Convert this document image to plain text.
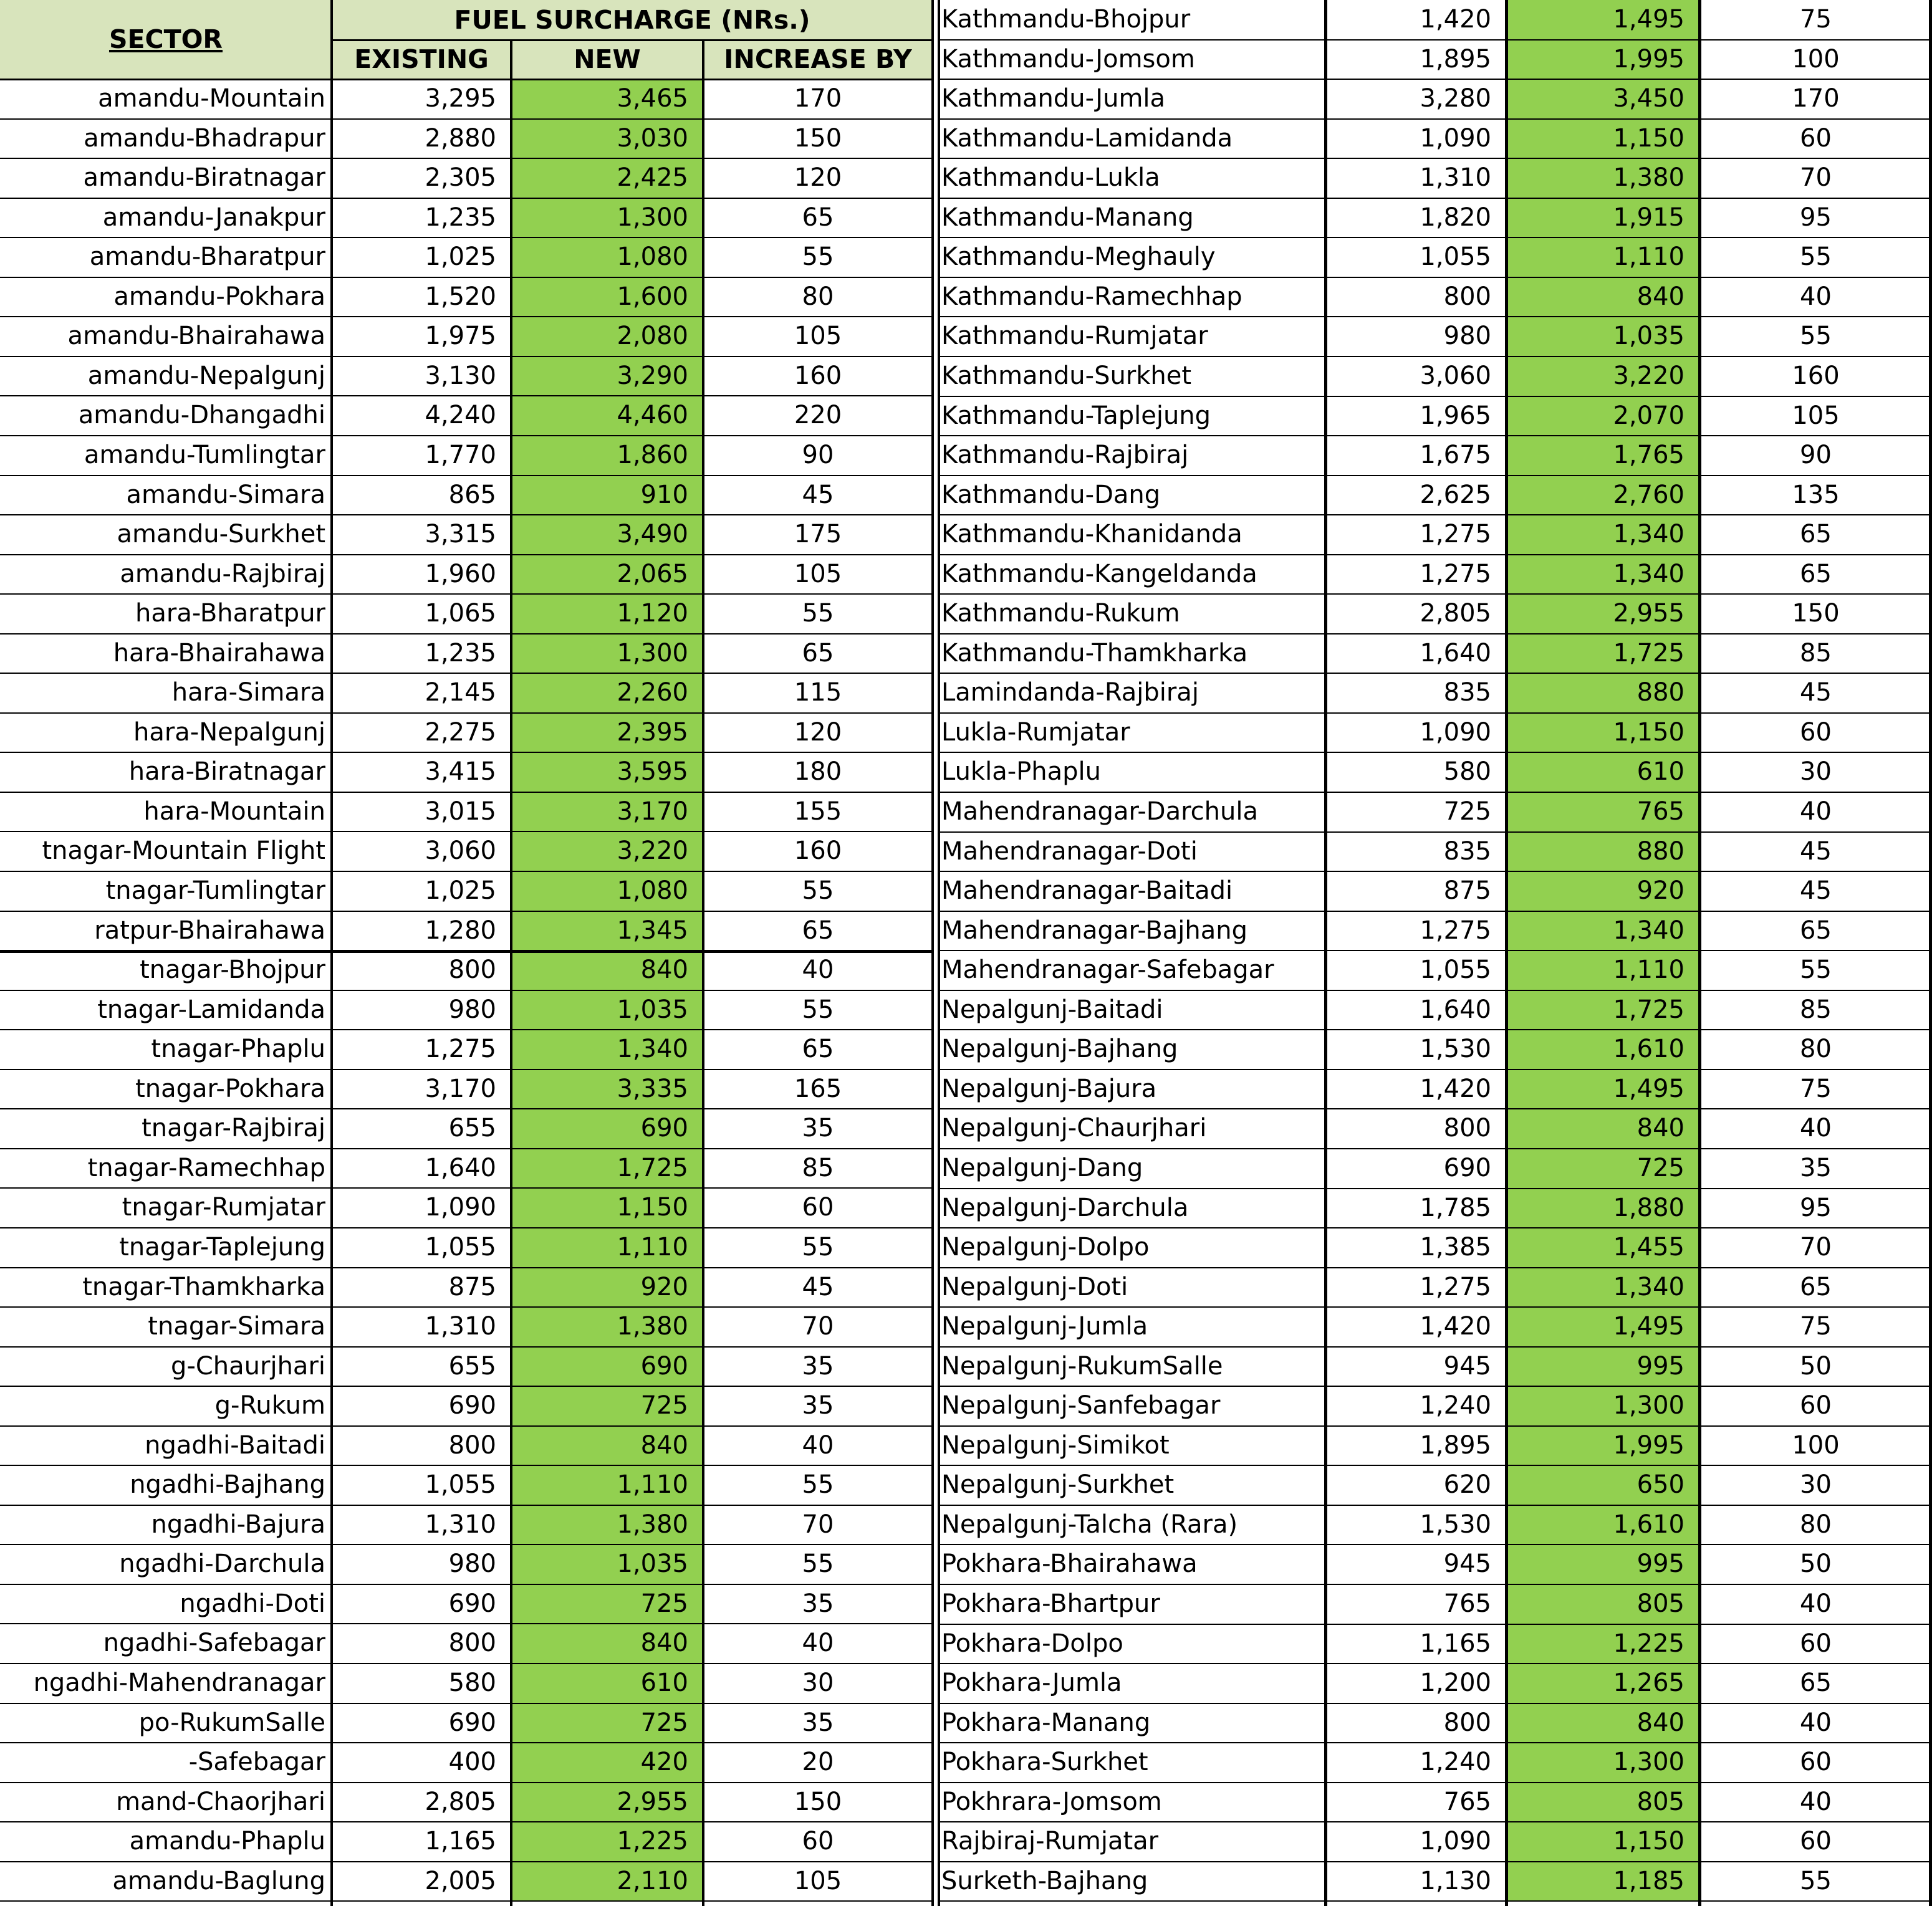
SECTOR
FUEL SURCHARGE (NRs.)
EXISTING	NEW	INCREASE BY
amandu-Mountain	3,295	3,465	170
amandu-Bhadrapur	2,880	3,030	150
amandu-Biratnagar	2,305	2,425	120
amandu-Janakpur	1,235	1,300	65
amandu-Bharatpur	1,025	1,080	55
amandu-Pokhara	1,520	1,600	80
amandu-Bhairahawa	1,975	2,080	105
amandu-Nepalgunj	3,130	3,290	160
amandu-Dhangadhi	4,240	4,460	220
amandu-Tumlingtar	1,770	1,860	90
amandu-Simara	865	910	45
amandu-Surkhet	3,315	3,490	175
amandu-Rajbiraj	1,960	2,065	105
hara-Bharatpur	1,065	1,120	55
hara-Bhairahawa	1,235	1,300	65
hara-Simara	2,145	2,260	115
hara-Nepalgunj	2,275	2,395	120
hara-Biratnagar	3,415	3,595	180
hara-Mountain	3,015	3,170	155
tnagar-Mountain Flight	3,060	3,220	160
tnagar-Tumlingtar	1,025	1,080	55
ratpur-Bhairahawa	1,280	1,345	65
tnagar-Bhojpur	800	840	40
tnagar-Lamidanda	980	1,035	55
tnagar-Phaplu	1,275	1,340	65
tnagar-Pokhara	3,170	3,335	165
tnagar-Rajbiraj	655	690	35
tnagar-Ramechhap	1,640	1,725	85
tnagar-Rumjatar	1,090	1,150	60
tnagar-Taplejung	1,055	1,110	55
tnagar-Thamkharka	875	920	45
tnagar-Simara	1,310	1,380	70
g-Chaurjhari	655	690	35
g-Rukum	690	725	35
ngadhi-Baitadi	800	840	40
ngadhi-Bajhang	1,055	1,110	55
ngadhi-Bajura	1,310	1,380	70
ngadhi-Darchula	980	1,035	55
ngadhi-Doti	690	725	35
ngadhi-Safebagar	800	840	40
ngadhi-Mahendranagar	580	610	30
po-RukumSalle	690	725	35
-Safebagar	400	420	20
mand-Chaorjhari	2,805	2,955	150
amandu-Phaplu	1,165	1,225	60
amandu-Baglung	2,005	2,110	105
Kathmandu-Bhojpur	1,420	1,495	75
Kathmandu-Jomsom	1,895	1,995	100
Kathmandu-Jumla	3,280	3,450	170
Kathmandu-Lamidanda	1,090	1,150	60
Kathmandu-Lukla	1,310	1,380	70
Kathmandu-Manang	1,820	1,915	95
Kathmandu-Meghauly	1,055	1,110	55
Kathmandu-Ramechhap	800	840	40
Kathmandu-Rumjatar	980	1,035	55
Kathmandu-Surkhet	3,060	3,220	160
Kathmandu-Taplejung	1,965	2,070	105
Kathmandu-Rajbiraj	1,675	1,765	90
Kathmandu-Dang	2,625	2,760	135
Kathmandu-Khanidanda	1,275	1,340	65
Kathmandu-Kangeldanda	1,275	1,340	65
Kathmandu-Rukum	2,805	2,955	150
Kathmandu-Thamkharka	1,640	1,725	85
Lamindanda-Rajbiraj	835	880	45
Lukla-Rumjatar	1,090	1,150	60
Lukla-Phaplu	580	610	30
Mahendranagar-Darchula	725	765	40
Mahendranagar-Doti	835	880	45
Mahendranagar-Baitadi	875	920	45
Mahendranagar-Bajhang	1,275	1,340	65
Mahendranagar-Safebagar	1,055	1,110	55
Nepalgunj-Baitadi	1,640	1,725	85
Nepalgunj-Bajhang	1,530	1,610	80
Nepalgunj-Bajura	1,420	1,495	75
Nepalgunj-Chaurjhari	800	840	40
Nepalgunj-Dang	690	725	35
Nepalgunj-Darchula	1,785	1,880	95
Nepalgunj-Dolpo	1,385	1,455	70
Nepalgunj-Doti	1,275	1,340	65
Nepalgunj-Jumla	1,420	1,495	75
Nepalgunj-RukumSalle	945	995	50
Nepalgunj-Sanfebagar	1,240	1,300	60
Nepalgunj-Simikot	1,895	1,995	100
Nepalgunj-Surkhet	620	650	30
Nepalgunj-Talcha (Rara)	1,530	1,610	80
Pokhara-Bhairahawa	945	995	50
Pokhara-Bhartpur	765	805	40
Pokhara-Dolpo	1,165	1,225	60
Pokhara-Jumla	1,200	1,265	65
Pokhara-Manang	800	840	40
Pokhara-Surkhet	1,240	1,300	60
Pokhrara-Jomsom	765	805	40
Rajbiraj-Rumjatar	1,090	1,150	60
Surketh-Bajhang	1,130	1,185	55
